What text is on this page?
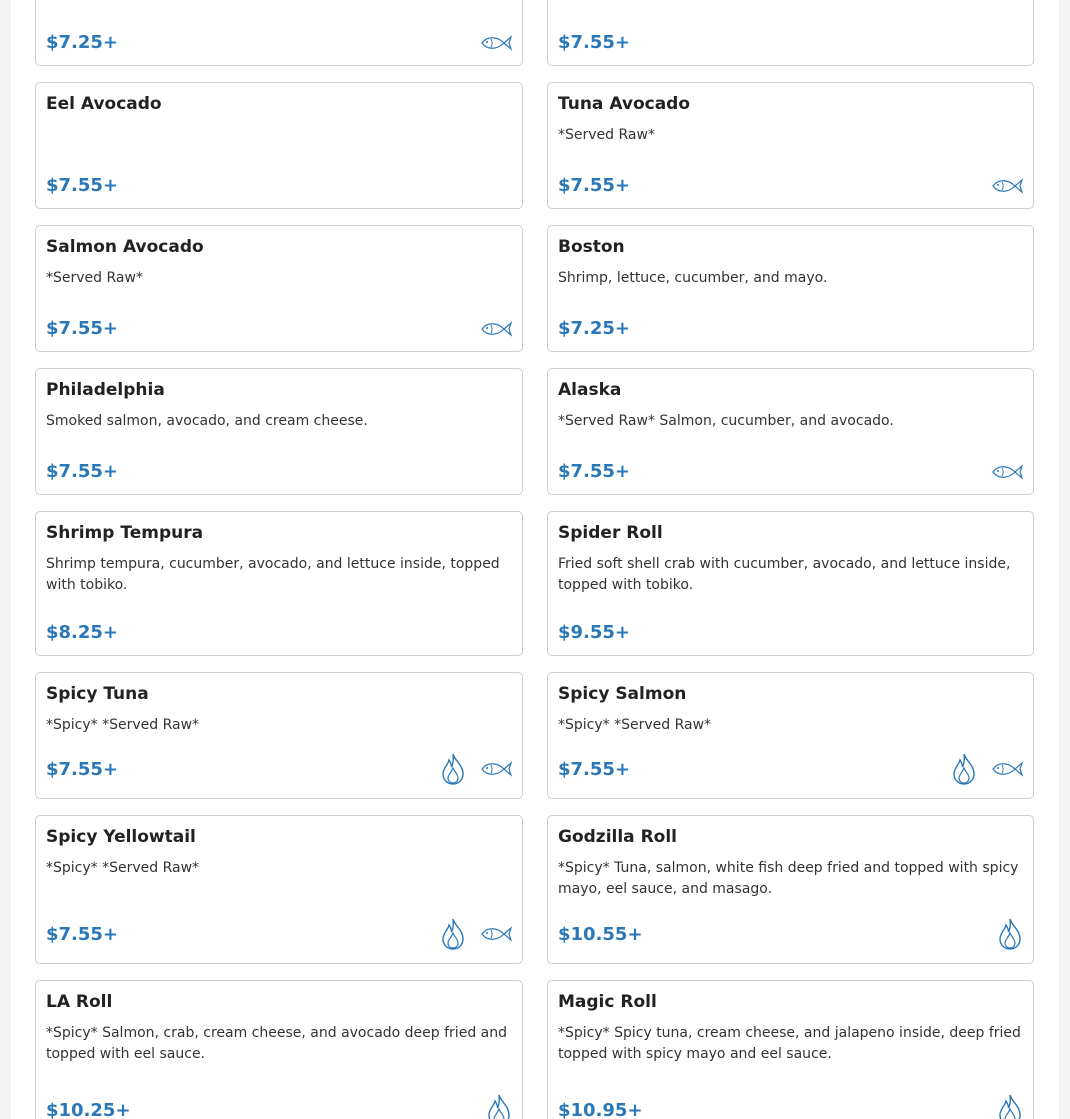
$7.25+	$7.55+
Eel Avocado
$7.55+
Tuna Avocado
*Served Raw*
$7.55+
Salmon Avocado
*Served Raw*
$7.55+
Boston
Shrimp, lettuce, cucumber, and mayo.
$7.25+
Philadelphia
Smoked salmon, avocado, and cream cheese.
$7.55+
Alaska
*Served Raw* Salmon, cucumber, and avocado.
$7.55+
Shrimp Tempura
Shrimp tempura, cucumber, avocado, and lettuce inside, topped with tobiko.
$8.25+
Spider Roll
Fried soft shell crab with cucumber, avocado, and lettuce inside, topped with tobiko.
$9.55+
Spicy Tuna
*Spicy* *Served Raw*
$7.55+
Spicy Salmon
*Spicy* *Served Raw*
$7.55+
Spicy Yellowtail
*Spicy* *Served Raw*
$7.55+
Godzilla Roll
*Spicy* Tuna, salmon, white fish deep fried and topped with spicy mayo, eel sauce, and masago.
$10.55+
LA Roll
*Spicy* Salmon, crab, cream cheese, and avocado deep fried and topped with eel sauce.
$10.25+
Magic Roll
*Spicy* Spicy tuna, cream cheese, and jalapeno inside, deep fried topped with spicy mayo and eel sauce.
$10.95+
